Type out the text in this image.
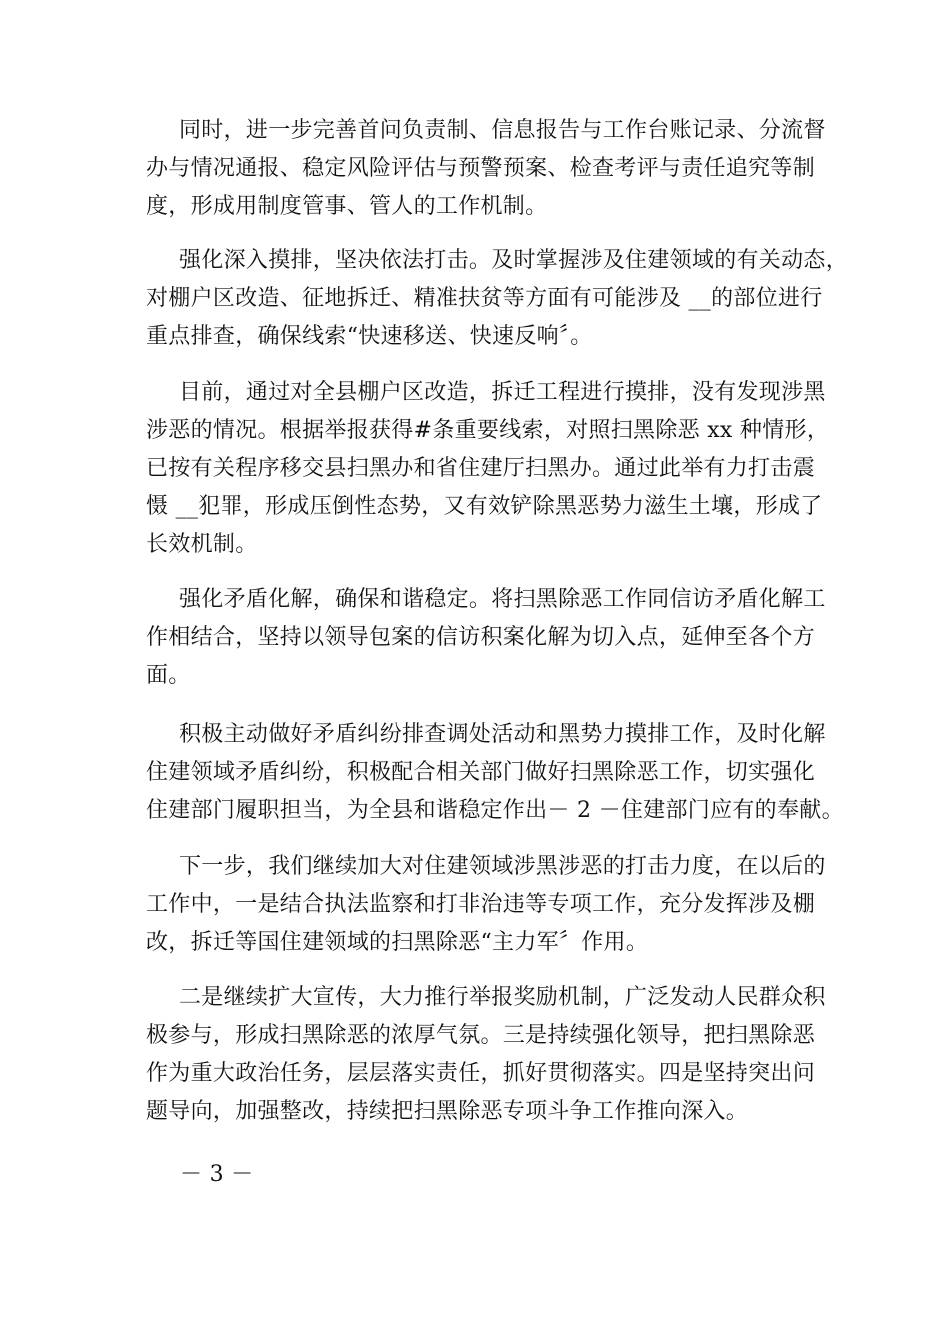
同时，进一步完善首问负责制、信息报告与工作台账记录、分流督
办与情况通报、稳定风险评估与预警预案、检查考评与责任追究等制
度，形成用制度管事、管人的工作机制。
强化深入摸排，坚决依法打击。及时掌握涉及住建领域的有关动态，
对棚户区改造、征地拆迁、精准扶贫等方面有可能涉及 __的部位进行
重点排查，确保线索“快速移送、快速反响〞。
目前，通过对全县棚户区改造，拆迁工程进行摸排，没有发现涉黑
涉恶的情况。根据举报获得#条重要线索，对照扫黑除恶 xx 种情形，
已按有关程序移交县扫黑办和省住建厅扫黑办。通过此举有力打击震
慑 __犯罪，形成压倒性态势，又有效铲除黑恶势力滋生土壤，形成了
长效机制。
强化矛盾化解，确保和谐稳定。将扫黑除恶工作同信访矛盾化解工
作相结合，坚持以领导包案的信访积案化解为切入点，延伸至各个方
面。
积极主动做好矛盾纠纷排查调处活动和黑势力摸排工作，及时化解
住建领域矛盾纠纷，积极配合相关部门做好扫黑除恶工作，切实强化
住建部门履职担当，为全县和谐稳定作出－ 2 －住建部门应有的奉献。
下一步，我们继续加大对住建领域涉黑涉恶的打击力度，在以后的
工作中，一是结合执法监察和打非治违等专项工作，充分发挥涉及棚
改，拆迁等国住建领域的扫黑除恶“主力军〞作用。
二是继续扩大宣传，大力推行举报奖励机制，广泛发动人民群众积
极参与，形成扫黑除恶的浓厚气氛。三是持续强化领导，把扫黑除恶
作为重大政治任务，层层落实责任，抓好贯彻落实。四是坚持突出问
题导向，加强整改，持续把扫黑除恶专项斗争工作推向深入。
－ 3 －
